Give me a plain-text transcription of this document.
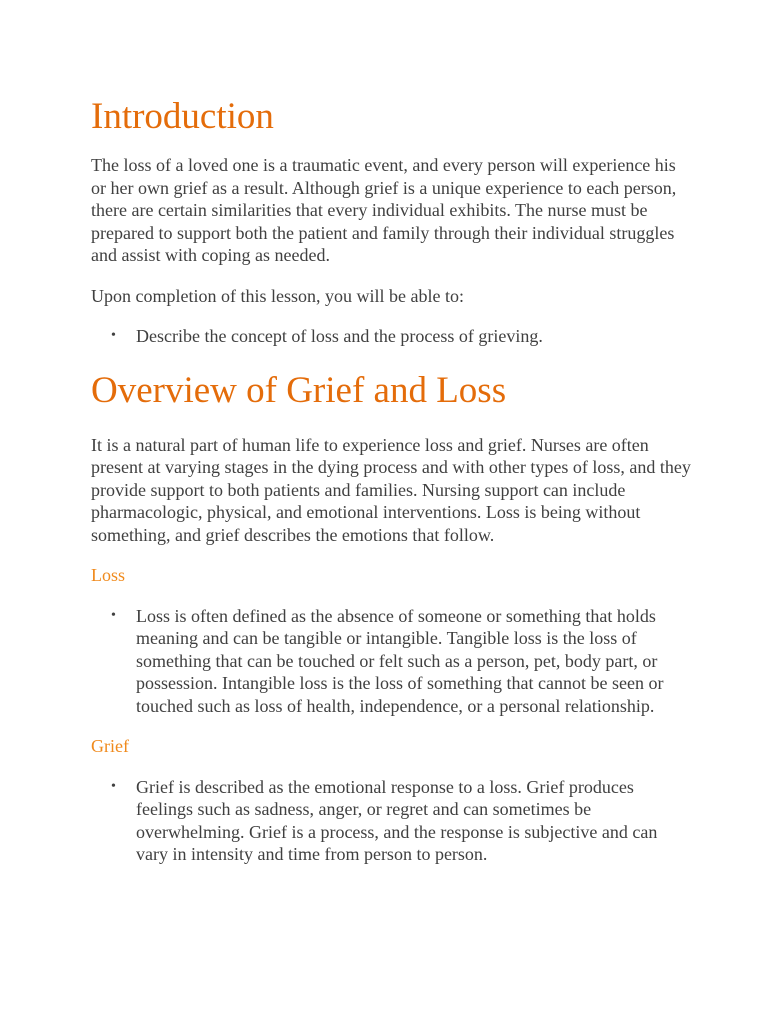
Introduction

The loss of a loved one is a traumatic event, and every person will experience his or her own grief as a result. Although grief is a unique experience to each person, there are certain similarities that every individual exhibits. The nurse must be prepared to support both the patient and family through their individual struggles and assist with coping as needed.

Upon completion of this lesson, you will be able to:

• Describe the concept of loss and the process of grieving.
Overview of Grief and Loss

It is a natural part of human life to experience loss and grief. Nurses are often present at varying stages in the dying process and with other types of loss, and they provide support to both patients and families. Nursing support can include pharmacologic, physical, and emotional interventions. Loss is being without something, and grief describes the emotions that follow.

Loss
• Loss is often defined as the absence of someone or something that holds meaning and can be tangible or intangible. Tangible loss is the loss of something that can be touched or felt such as a person, pet, body part, or possession. Intangible loss is the loss of something that cannot be seen or touched such as loss of health, independence, or a personal relationship.
Grief
• Grief is described as the emotional response to a loss. Grief produces feelings such as sadness, anger, or regret and can sometimes be overwhelming. Grief is a process, and the response is subjective and can vary in intensity and time from person to person.
